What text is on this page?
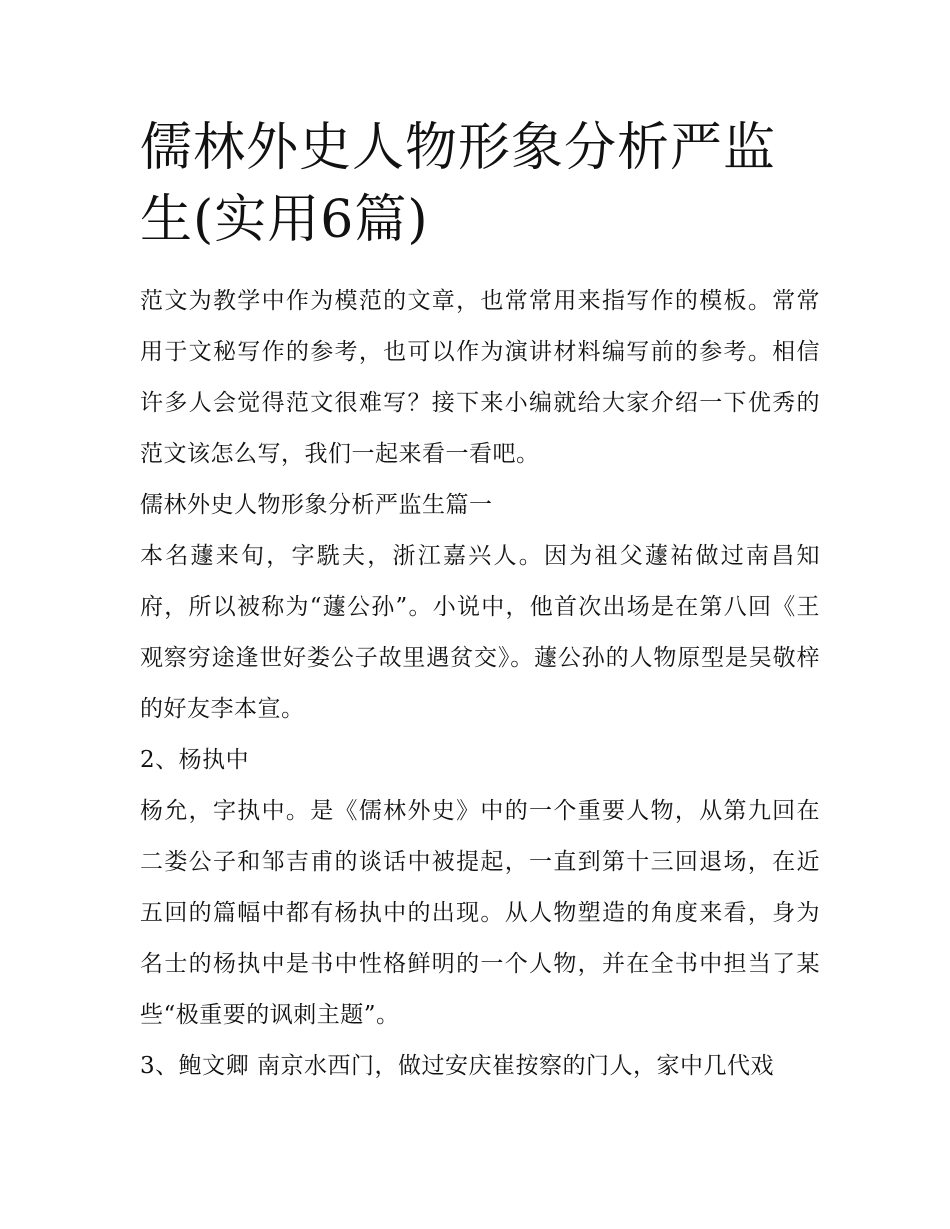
儒林外史人物形象分析严监生(实用6篇)

范文为教学中作为模范的文章，也常常用来指写作的模板。常常用于文秘写作的参考，也可以作为演讲材料编写前的参考。相信许多人会觉得范文很难写？接下来小编就给大家介绍一下优秀的范文该怎么写，我们一起来看一看吧。

儒林外史人物形象分析严监生篇一

本名蘧来旬，字駪夫，浙江嘉兴人。因为祖父蘧祐做过南昌知府，所以被称为“蘧公孙”。小说中，他首次出场是在第八回《王观察穷途逢世好娄公子故里遇贫交》。蘧公孙的人物原型是吴敬梓的好友李本宣。

2、杨执中

杨允，字执中。是《儒林外史》中的一个重要人物，从第九回在二娄公子和邹吉甫的谈话中被提起，一直到第十三回退场，在近五回的篇幅中都有杨执中的出现。从人物塑造的角度来看，身为名士的杨执中是书中性格鲜明的一个人物，并在全书中担当了某些“极重要的讽刺主题”。

3、鲍文卿 南京水西门，做过安庆崔按察的门人，家中几代戏
